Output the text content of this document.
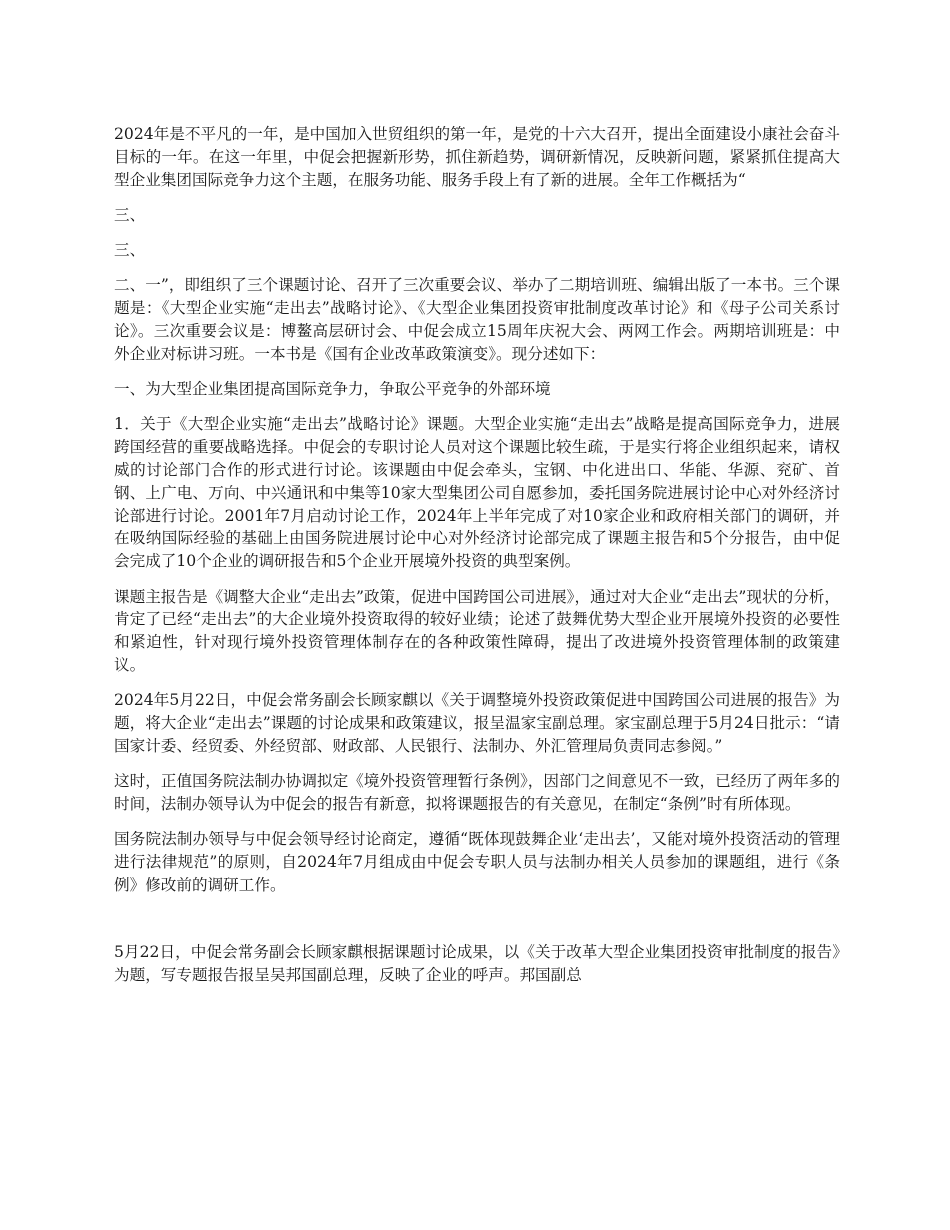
2024年是不平凡的一年，是中国加入世贸组织的第一年，是党的十六大召开，提出全面建设小康社会奋斗目标的一年。在这一年里，中促会把握新形势，抓住新趋势，调研新情况，反映新问题，紧紧抓住提高大型企业集团国际竞争力这个主题，在服务功能、服务手段上有了新的进展。全年工作概括为“

三、

三、

二、一”，即组织了三个课题讨论、召开了三次重要会议、举办了二期培训班、编辑出版了一本书。三个课题是：《大型企业实施“走出去”战略讨论》、《大型企业集团投资审批制度改革讨论》和《母子公司关系讨论》。三次重要会议是：博鳌高层研讨会、中促会成立15周年庆祝大会、两网工作会。两期培训班是：中外企业对标讲习班。一本书是《国有企业改革政策演变》。现分述如下：

一、为大型企业集团提高国际竞争力，争取公平竞争的外部环境

1．关于《大型企业实施“走出去”战略讨论》课题。大型企业实施“走出去”战略是提高国际竞争力，进展跨国经营的重要战略选择。中促会的专职讨论人员对这个课题比较生疏，于是实行将企业组织起来，请权威的讨论部门合作的形式进行讨论。该课题由中促会牵头，宝钢、中化进出口、华能、华源、兖矿、首钢、上广电、万向、中兴通讯和中集等10家大型集团公司自愿参加，委托国务院进展讨论中心对外经济讨论部进行讨论。2001年7月启动讨论工作，2024年上半年完成了对10家企业和政府相关部门的调研，并在吸纳国际经验的基础上由国务院进展讨论中心对外经济讨论部完成了课题主报告和5个分报告，由中促会完成了10个企业的调研报告和5个企业开展境外投资的典型案例。

课题主报告是《调整大企业“走出去”政策，促进中国跨国公司进展》，通过对大企业“走出去”现状的分析，肯定了已经“走出去”的大企业境外投资取得的较好业绩；论述了鼓舞优势大型企业开展境外投资的必要性和紧迫性，针对现行境外投资管理体制存在的各种政策性障碍，提出了改进境外投资管理体制的政策建议。

2024年5月22日，中促会常务副会长顾家麒以《关于调整境外投资政策促进中国跨国公司进展的报告》为题，将大企业“走出去”课题的讨论成果和政策建议，报呈温家宝副总理。家宝副总理于5月24日批示：“请国家计委、经贸委、外经贸部、财政部、人民银行、法制办、外汇管理局负责同志参阅。”

这时，正值国务院法制办协调拟定《境外投资管理暂行条例》，因部门之间意见不一致，已经历了两年多的时间，法制办领导认为中促会的报告有新意，拟将课题报告的有关意见，在制定“条例”时有所体现。

国务院法制办领导与中促会领导经讨论商定，遵循“既体现鼓舞企业‘走出去’，又能对境外投资活动的管理进行法律规范”的原则，自2024年7月组成由中促会专职人员与法制办相关人员参加的课题组，进行《条例》修改前的调研工作。

5月22日，中促会常务副会长顾家麒根据课题讨论成果，以《关于改革大型企业集团投资审批制度的报告》为题，写专题报告报呈吴邦国副总理，反映了企业的呼声。邦国副总
